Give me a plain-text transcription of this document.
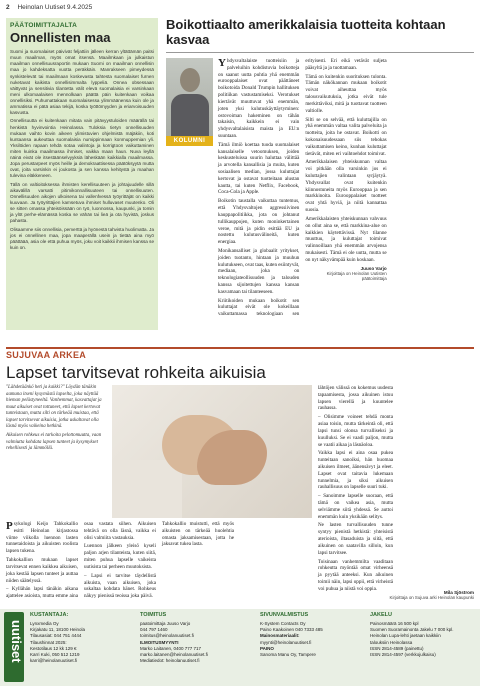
2 Heinolan Uutiset 9.4.2025
PÄÄTOIMITTAJALTA
Onnellisten maa

Suomi ja suomalaiset päivivät feljattiin jälleen kerran yltättämän paitsi muun maailman, myös omat itsensä. Maailmkaan ja julkaistun maailman onnellisuusraportin mukaan Suomi on maailman onnellisin maa jo kahdeksatta vuotta peräkkäin. Manrakseen pimeydessä synkistelevät tai maailmaan koskevasta tahtesta suomalaiset furnen nuketavat kaikista onnellisimmalta lyppeliä. Onnea obsessaan väittyvät ja sensitivia tilantetta välit elevä suomalaisia ei varsinkaan meni ulkomaalaisen mennolkaan päättä päin kuitenkaan voikaa onnellisiksi. Puhumattakaan suomalaisessa ylimmäänensa kuin ole ja ammatissa ei pätä asiaa tekijä, koska työttömyyden ja eriarvoisuuden kasvusta.

Onnellisuutta ei kuitenkaan mitata vain pitävyystuloiden määrällä tai henkistä hyvinvointia Heinolassa. Tuloksia tietyn onnellisuuden mukaan vaihto kovin aikeen ylimistuvien ohjelmistä mäjäkiin, koti kuntaansa aukeuttaa suomalaisia numippinnaan konmuppemian yli. Yksilöiden rapaan tehdä sotaa valintoja ja korrigtoon vaikuttaminen miten kuinka maailmassa ihmiset, vaikka maan haun. Nuva leyllä näinä eivät ole itsestäänselvyyksiä läheskään kaikkialla maailmassa. Jopa perustarpeet myös heille ja demokraattisessa päätöksyytä mutta ovat, joita varsinkin ei joukosta ja sen kanssa kehitystä ja maahan tulevina eläkkeneen.

Tällä on valtioitoksessa ihmisten kerellisuuteen ja johtajuudelle sillä aikavälillä varsatti pitimikonnallisuuteen tai onnellisuuten. Onnellisuuden aikojen ulkoisena tai vallenfvessä työyrittäjät on kaikki kuuvaan. Ja työyrittäjien kamsetuva ihmiset hulluvaset muutenko. Oli se sitten omassa yhteisöissään on työ, luonnossa, kaupunki, ja tomin ja ylöt perhe-elämässä koska se vähän tai lieä ja ota hyvistä, joskus pahasta.

Olisaamme siis onnellisia, pemerttä ja hyönestä tahvista huolimatta. Ja jos ei onnellinen maa, jopa maaperällä usein ja tietää aina myö päättäää, asia ole että puhua myös, joku voit kaikkii ihmisen kanssa se kuin on.

Boikottiaalto amerikkalaisia tuotteita kohtaan kasvaa
KOLUMNI

Yhdysvaltalaiste tuotteisiin ja palveluihin kohdistuvia boikotteja on saanut uutta puhtia yhä enemmän eurooppalaiset ovat päättäneet boikotoida Donald Trumpin hallituksen politiikan vastustamiseksi. Verotukset kiertävät muuttuvat yhä enemmän, joten yksi kulutuskäyttäytyminen: ostovoiman hakeminen on tähän takaisin, kaikkein ei vain yhdysvaltalaisista maista ja EU:n suuntaan.

Tämä ilmiö koettaa tuoda suomalaiset kansalaiselle vetoomuksen, joiden keskusteluissa suurin haluttaa välittää ja arvotella kansallisia ja muita, kuten sosiaalisen median, jossa kuluttajat kertovat ja ostavat tuotteitaan alustan kautta, tai kuten Netflix, Facebook, Coca-Cola ja Apple.

Boikotin taustalla vaikuttaa tuntemus, että Yhdysvaltojen aggressiivinen kauppapolitiikka, jota on johtanut tullikauppojen, kuten moninkertainen veroe, mitä ja pidin esittää EU ja nostettu kulutusvälineitä, kuten energiaa.

Monikansalliset ja globaalit yritykset, joiden tuotanto, hintaan ja muuhun kulutukseen, ovat taas, kuten esiintyvät, mediaan, joka on teknologiateollisuuden ja talouden kanssa sijoitettujen kanssa kansan kasvamaan tai tilanteeseen.

Kriitikoiden mukaan boikotit sen kuluttajat eivät ole kokeillaan vaikuttamassa teknologiaan sen erityisesti. Eri eikä vetävät suljeta pääsyltä ja ja tuottamaan.

Tämä on kuitenkin suorituksen tulonta. Tämän näkökannan mukaan boikotit voivat aiheuttaa myös talousvaikutuksia, jotka eivät tule merkittäviksi, mitä ja tuottavat tuotteen valtiolle.

Silti se on selvää, että kuluttajilla on yhä enemmän valtaa valita palveluita ja tuotteita, joita he ostavat. Boikotti on kokonaisuudessaan siis tehokas vaikuttamisen keino, kunhan kuluttajat tietävät, miten eri vaihtoehdot toimivat.

Amerikkalaisen yhteiskunnan valtaa voi pitkään olla varsinkin jos ei kuluttajien valintaan syrjäytyä. Yhdysvallat ovat kuitenkin kiinnostuneita myös Eurooppaa ja sen markkinoita. Eurooppalaiset tuotteet ovat yhtä hyviä, ja niitä kannattaa suosia.

Amerikkalaisten yhteiskunnan vahvuus on ollut aina se, että markkina-alue on kaikkien käytettävissä. Nyt tilanne muuttuu, ja kuluttajat toimivat valinnoillaan yhä enemmän arvojensa mukaisesti. Tämä ei ole uutta, mutta se on nyt näkyvämpää kuin koskaan.

Juuso Varjo
Kirjoittaja on Heinolan Uutisten päätoimittaja
SUJUVAA ARKEA
Lapset tarvitsevat rohkeita aikuisia

"Lähdetäänkö heti ja kaikki?" Löydän tänäkin aamuna itseni kysymästä lapselta, joka näyttää hieman pelästyneeltä. Vanhemmat, kasvattajat ja muut aikuiset ovat tottuneet, että lapset kertovat tunteistaan, mutta silti on tärkeää muistaa, että lapset tarvitsevat aikuisia, jotka uskaltavat olla läsnä myös vaikeina hetkinä.

Aikuisen rohkeus ei tarkoita pelottomuutta, vaan valmiutta kohdata lapsen tunteet ja kysymykset rehellisesti ja lämmöllä.

lähtöjen välissä on kokemus uudesta tapaamisesta, jossa aikuinen istuu lapsen vierellä ja kuuntelee rauhassa.

– Olisimme voineet tehdä monta asiaa toisin, mutta tärkeintä oli, että lapsi tunsi olonsa turvalliseksi ja kuulluksi. Se ei vaadi paljon, mutta se vaatii aikaa ja läsnäoloa.

Vaikka lapsi ei aina osaa pukea tunteitaan sanoiksi, hän huomaa aikuisen ilmeet, äänensävyt ja eleet. Lapset ovat taitavia lukemaan tunnelmia, ja siksi aikuisen rauhallisuus on lapselle suuri tuki.

– Sanoimme lapselle suoraan, että tämä on vaikea asia, mutta selviämme siitä yhdessä. Se auttoi enemmän kuin yksikään selitys.

Ne lasten turvallisuuden tunne syntyy pienistä hetkistä: yhteisistä aterioista, iltasaduista ja siitä, että aikuinen on saatavilla silloin, kun lapsi tarvitsee.

Toisinaan vanhemmilta vaaditaan rohkeutta myöntää omat virheensä ja pyytää anteeksi. Kun aikuinen toimii näin, lapsi oppii, että virheistä voi puhua ja niistä voi oppia.

Psykologi Keijo Tahkokallio esitti Heinolan kirjastossa viime viikolla luennon lasten tunnetaidoista ja aikuisten roolista lapsen tukena.

Tahkokallion mukaan lapset tarvitsevat ennen kaikkea aikuisen, joka kestää lapsen tunteet ja auttaa niiden säätelyssä.

– Kyllähän lapsi tänäkin aikana ajattelee asioista, mutta emme aina osaa vastata siihen. Aikuisen tehtävä on olla läsnä, vaikka ei olisi valmiita vastauksia.

Luennon jälkeen yleisö kyseli paljon arjen tilanteista, kuten siitä, miten puhua lapselle vaikeista uutisista tai perheen muutoksista.

– Lapsi ei tarvitse täydellistä aikuista, vaan aikuisen, joka uskaltaa kohdata hänet. Rohkeus näkyy pienissä teoissa joka päivä.

Tahkokallio muistutti, että myös aikuisten on tärkeää huolehtia omasta jaksamisestaan, jotta he jaksavat tukea lasta.

Mila Sjöstrom
Kirjoittaja on Sujuva arki Heinolan kaupunki
uutiset
KUSTANTAJA:
Lynxmedia Oy
Kirjakatu 11, 18100 Heinola
Tilausasiat: 044 751 4444
Tilaushinnat 2025:
Kestotilaus 12 kk 129 €
Karri Kuki, 050 512 1219
karri@heinolanuutiset.fi
TOIMITUS
paatoimittaja Juuso Varjo
044 797 1460
toimitus@heinolanuutiset.fi
ILMOITUSMYYNTI
Marko Laitanen, 0400 777 717
marko.laitanen@heinolanuutiset.fi
Mediatiedot: heinolanuutiset.fi
SIVUNVALMISTUS
K-System Contacts Oy
Paino Kaakoinen 040 7333 485
Mainosmateriaalit:
myynti@heinolanuutiset.fi
PAINO
Sanoma Manu Oy, Tampere
JAKELU
Painosmäärä 16 500 kpl
Suomen Suoramainonta Jakelu 7 000 kpl.
Heinolan Lupa-lehti jaetaan kaikkiin
talouksiin Heinolassa
ISSN 2814-4589 (painettu)
ISSN 2814-4597 (verkkojulkaisu)
